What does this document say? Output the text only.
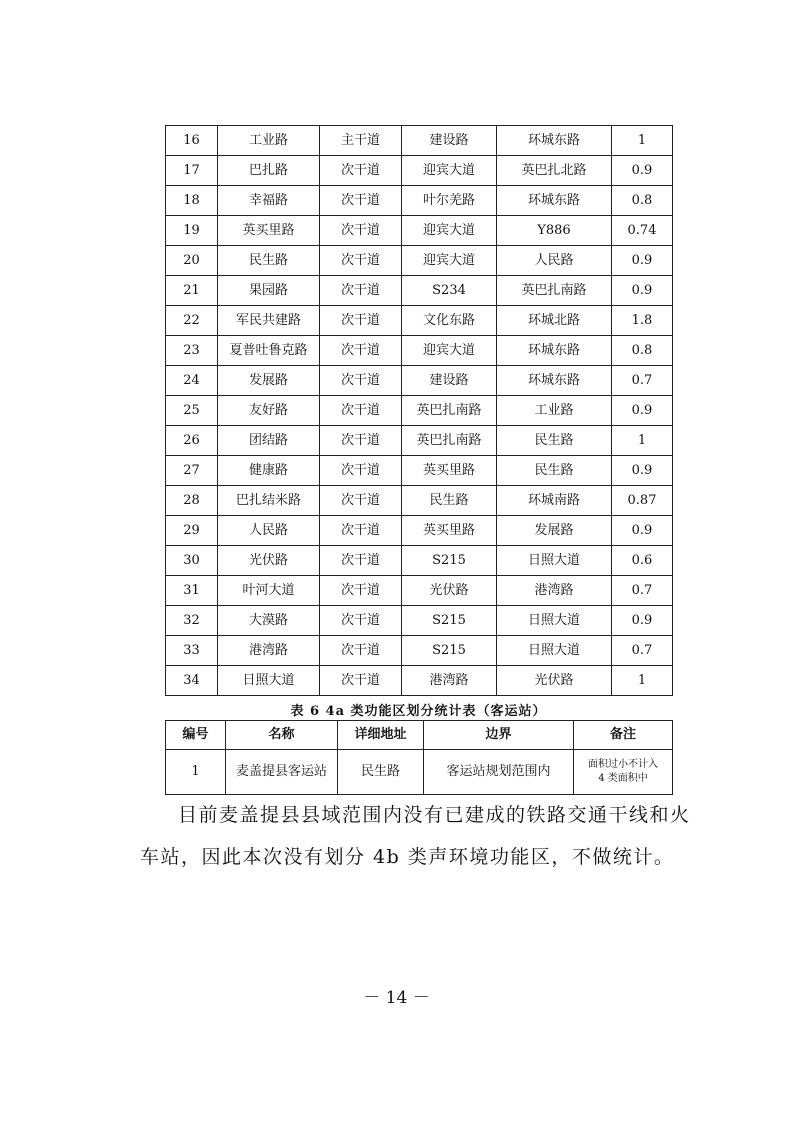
16	工业路	主干道	建设路	环城东路	1
17	巴扎路	次干道	迎宾大道	英巴扎北路	0.9
18	幸福路	次干道	叶尔羌路	环城东路	0.8
19	英买里路	次干道	迎宾大道	Y886	0.74
20	民生路	次干道	迎宾大道	人民路	0.9
21	果园路	次干道	S234	英巴扎南路	0.9
22	军民共建路	次干道	文化东路	环城北路	1.8
23	夏普吐鲁克路	次干道	迎宾大道	环城东路	0.8
24	发展路	次干道	建设路	环城东路	0.7
25	友好路	次干道	英巴扎南路	工业路	0.9
26	团结路	次干道	英巴扎南路	民生路	1
27	健康路	次干道	英买里路	民生路	0.9
28	巴扎结米路	次干道	民生路	环城南路	0.87
29	人民路	次干道	英买里路	发展路	0.9
30	光伏路	次干道	S215	日照大道	0.6
31	叶河大道	次干道	光伏路	港湾路	0.7
32	大漠路	次干道	S215	日照大道	0.9
33	港湾路	次干道	S215	日照大道	0.7
34	日照大道	次干道	港湾路	光伏路	1
表 6 4a 类功能区划分统计表（客运站）
编号	名称	详细地址	边界	备注
1	麦盖提县客运站	民生路	客运站规划范围内	面积过小不计入
4 类面积中
目前麦盖提县县域范围内没有已建成的铁路交通干线和火
车站，因此本次没有划分 4b 类声环境功能区，不做统计。
－ 14 －
